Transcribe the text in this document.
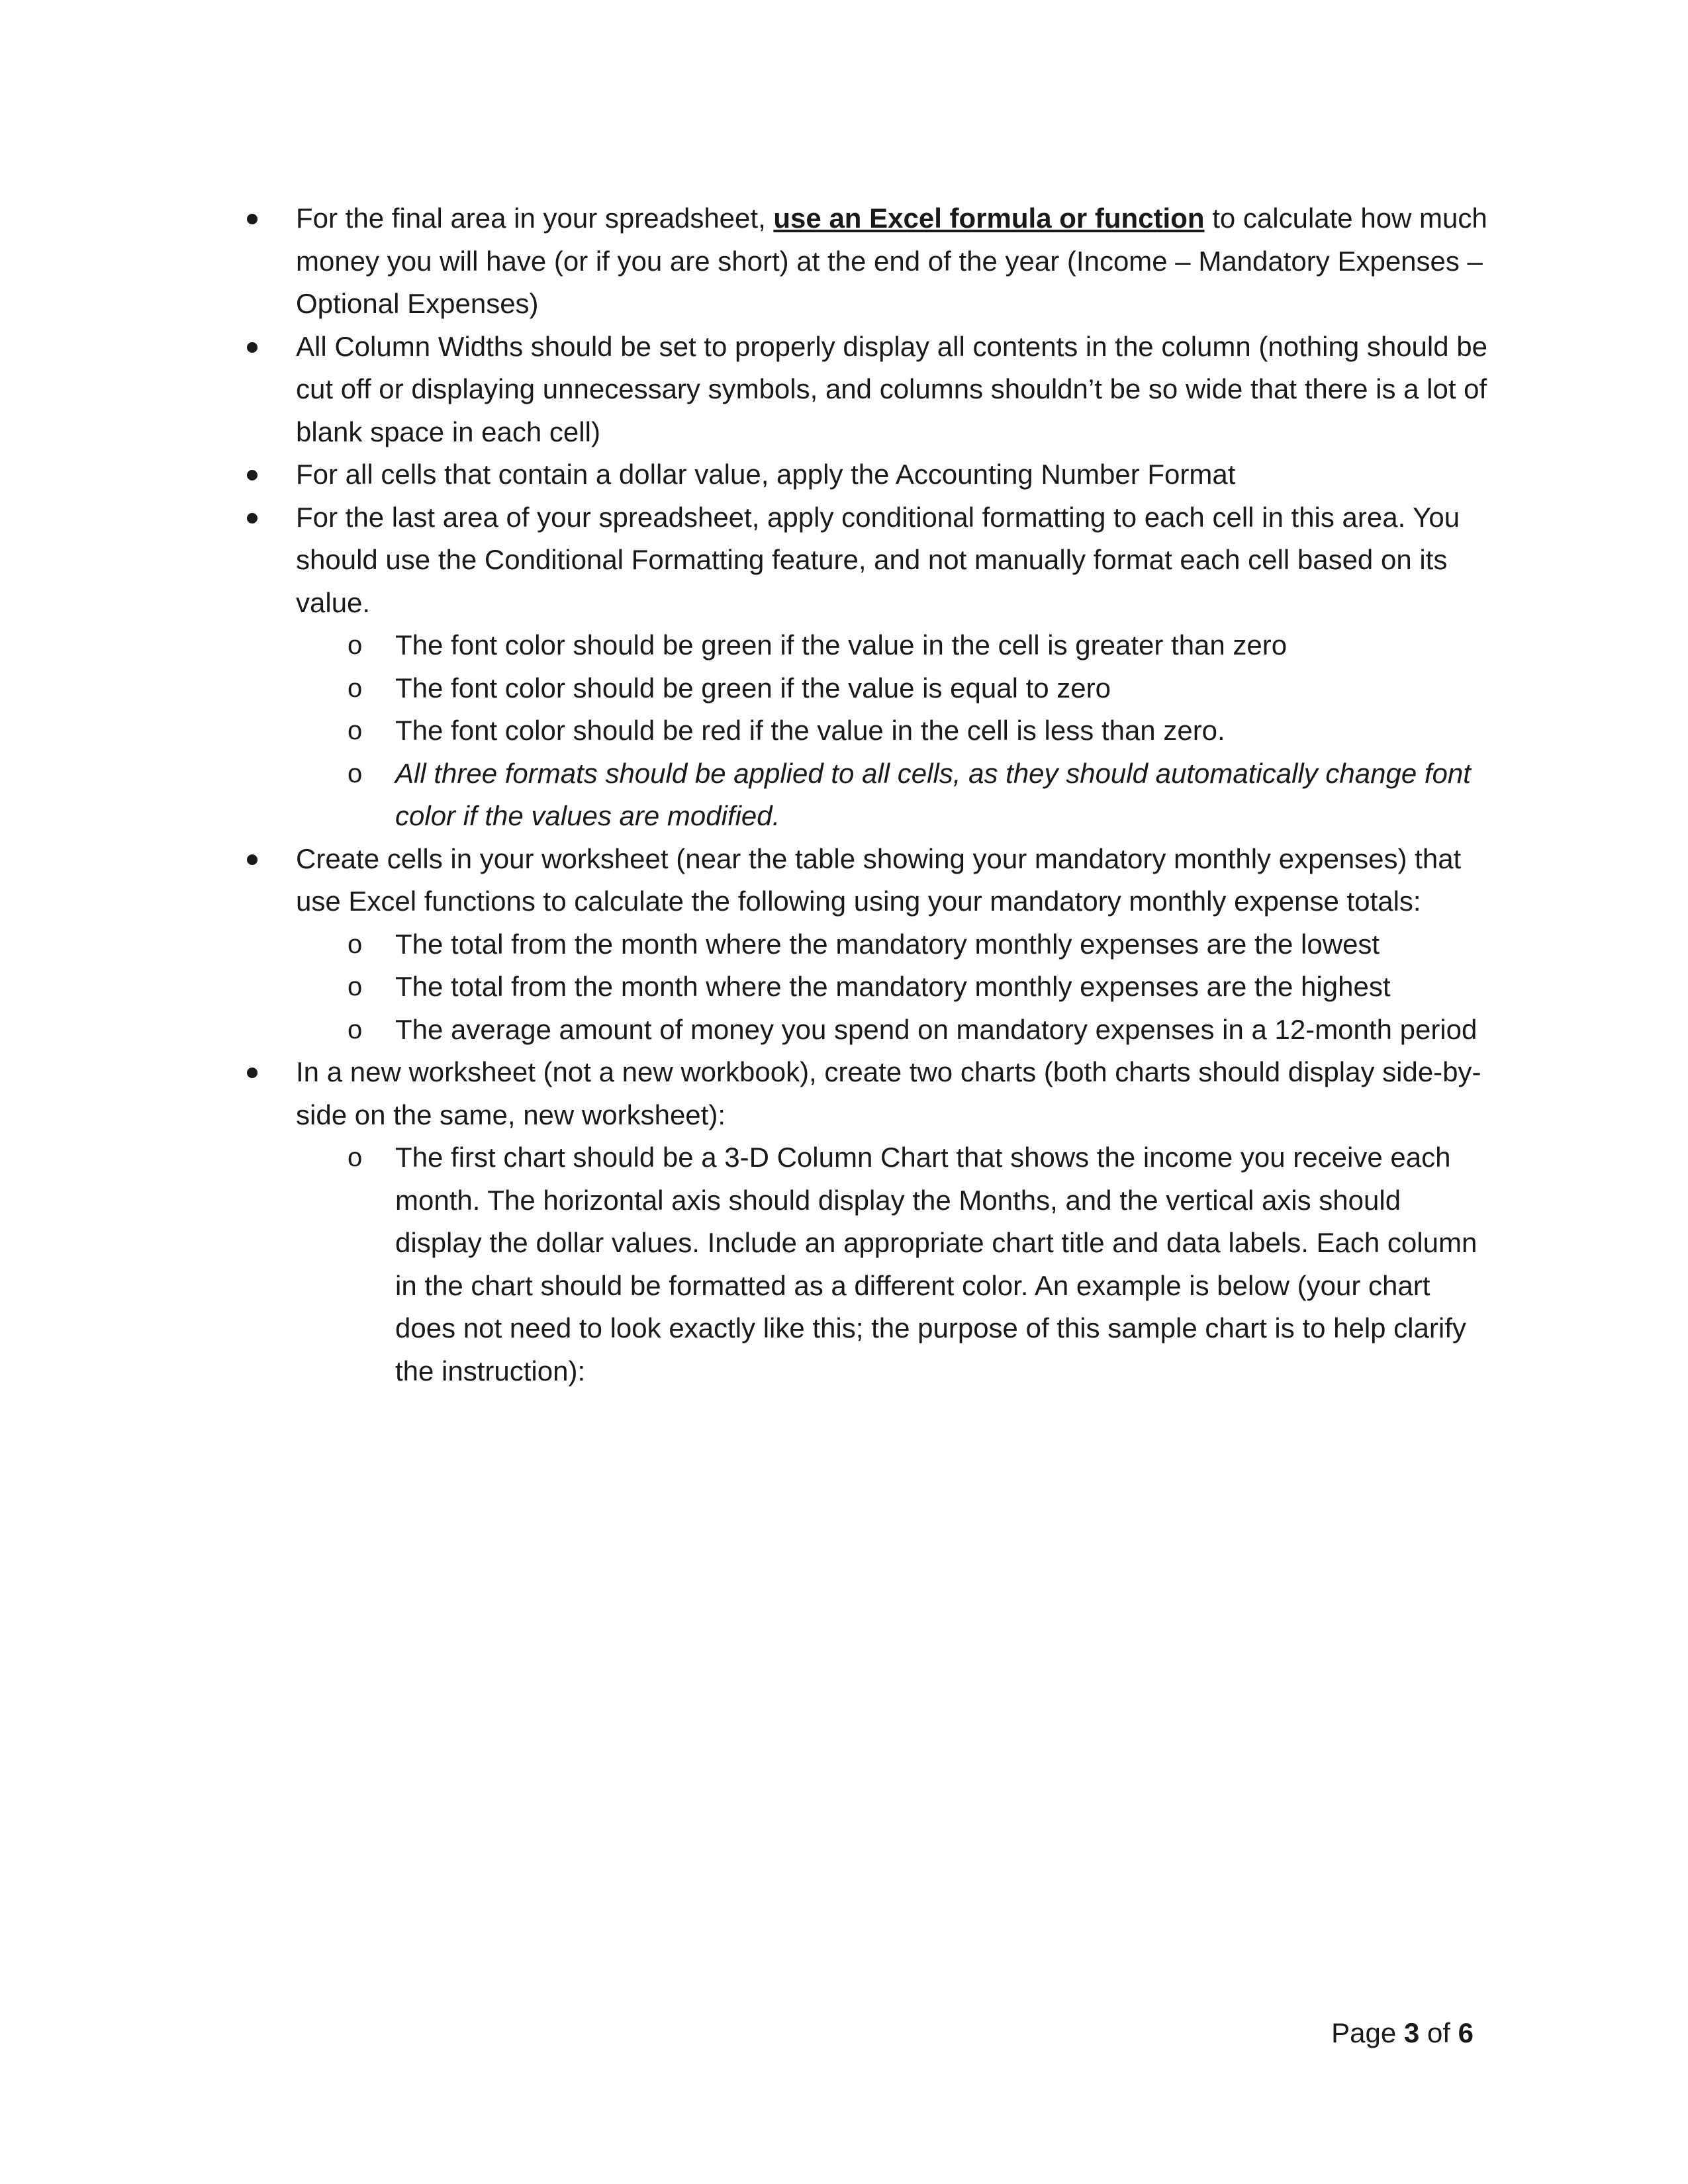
For the final area in your spreadsheet, use an Excel formula or function to calculate how much money you will have (or if you are short) at the end of the year (Income – Mandatory Expenses – Optional Expenses)
All Column Widths should be set to properly display all contents in the column (nothing should be cut off or displaying unnecessary symbols, and columns shouldn’t be so wide that there is a lot of blank space in each cell)
For all cells that contain a dollar value, apply the Accounting Number Format
For the last area of your spreadsheet, apply conditional formatting to each cell in this area. You should use the Conditional Formatting feature, and not manually format each cell based on its value.
o The font color should be green if the value in the cell is greater than zero
o The font color should be green if the value is equal to zero
o The font color should be red if the value in the cell is less than zero.
o All three formats should be applied to all cells, as they should automatically change font color if the values are modified.
Create cells in your worksheet (near the table showing your mandatory monthly expenses) that use Excel functions to calculate the following using your mandatory monthly expense totals:
o The total from the month where the mandatory monthly expenses are the lowest
o The total from the month where the mandatory monthly expenses are the highest
o The average amount of money you spend on mandatory expenses in a 12-month period
In a new worksheet (not a new workbook), create two charts (both charts should display side-by-side on the same, new worksheet):
o The first chart should be a 3-D Column Chart that shows the income you receive each month. The horizontal axis should display the Months, and the vertical axis should display the dollar values. Include an appropriate chart title and data labels. Each column in the chart should be formatted as a different color. An example is below (your chart does not need to look exactly like this; the purpose of this sample chart is to help clarify the instruction):
Page 3 of 6
